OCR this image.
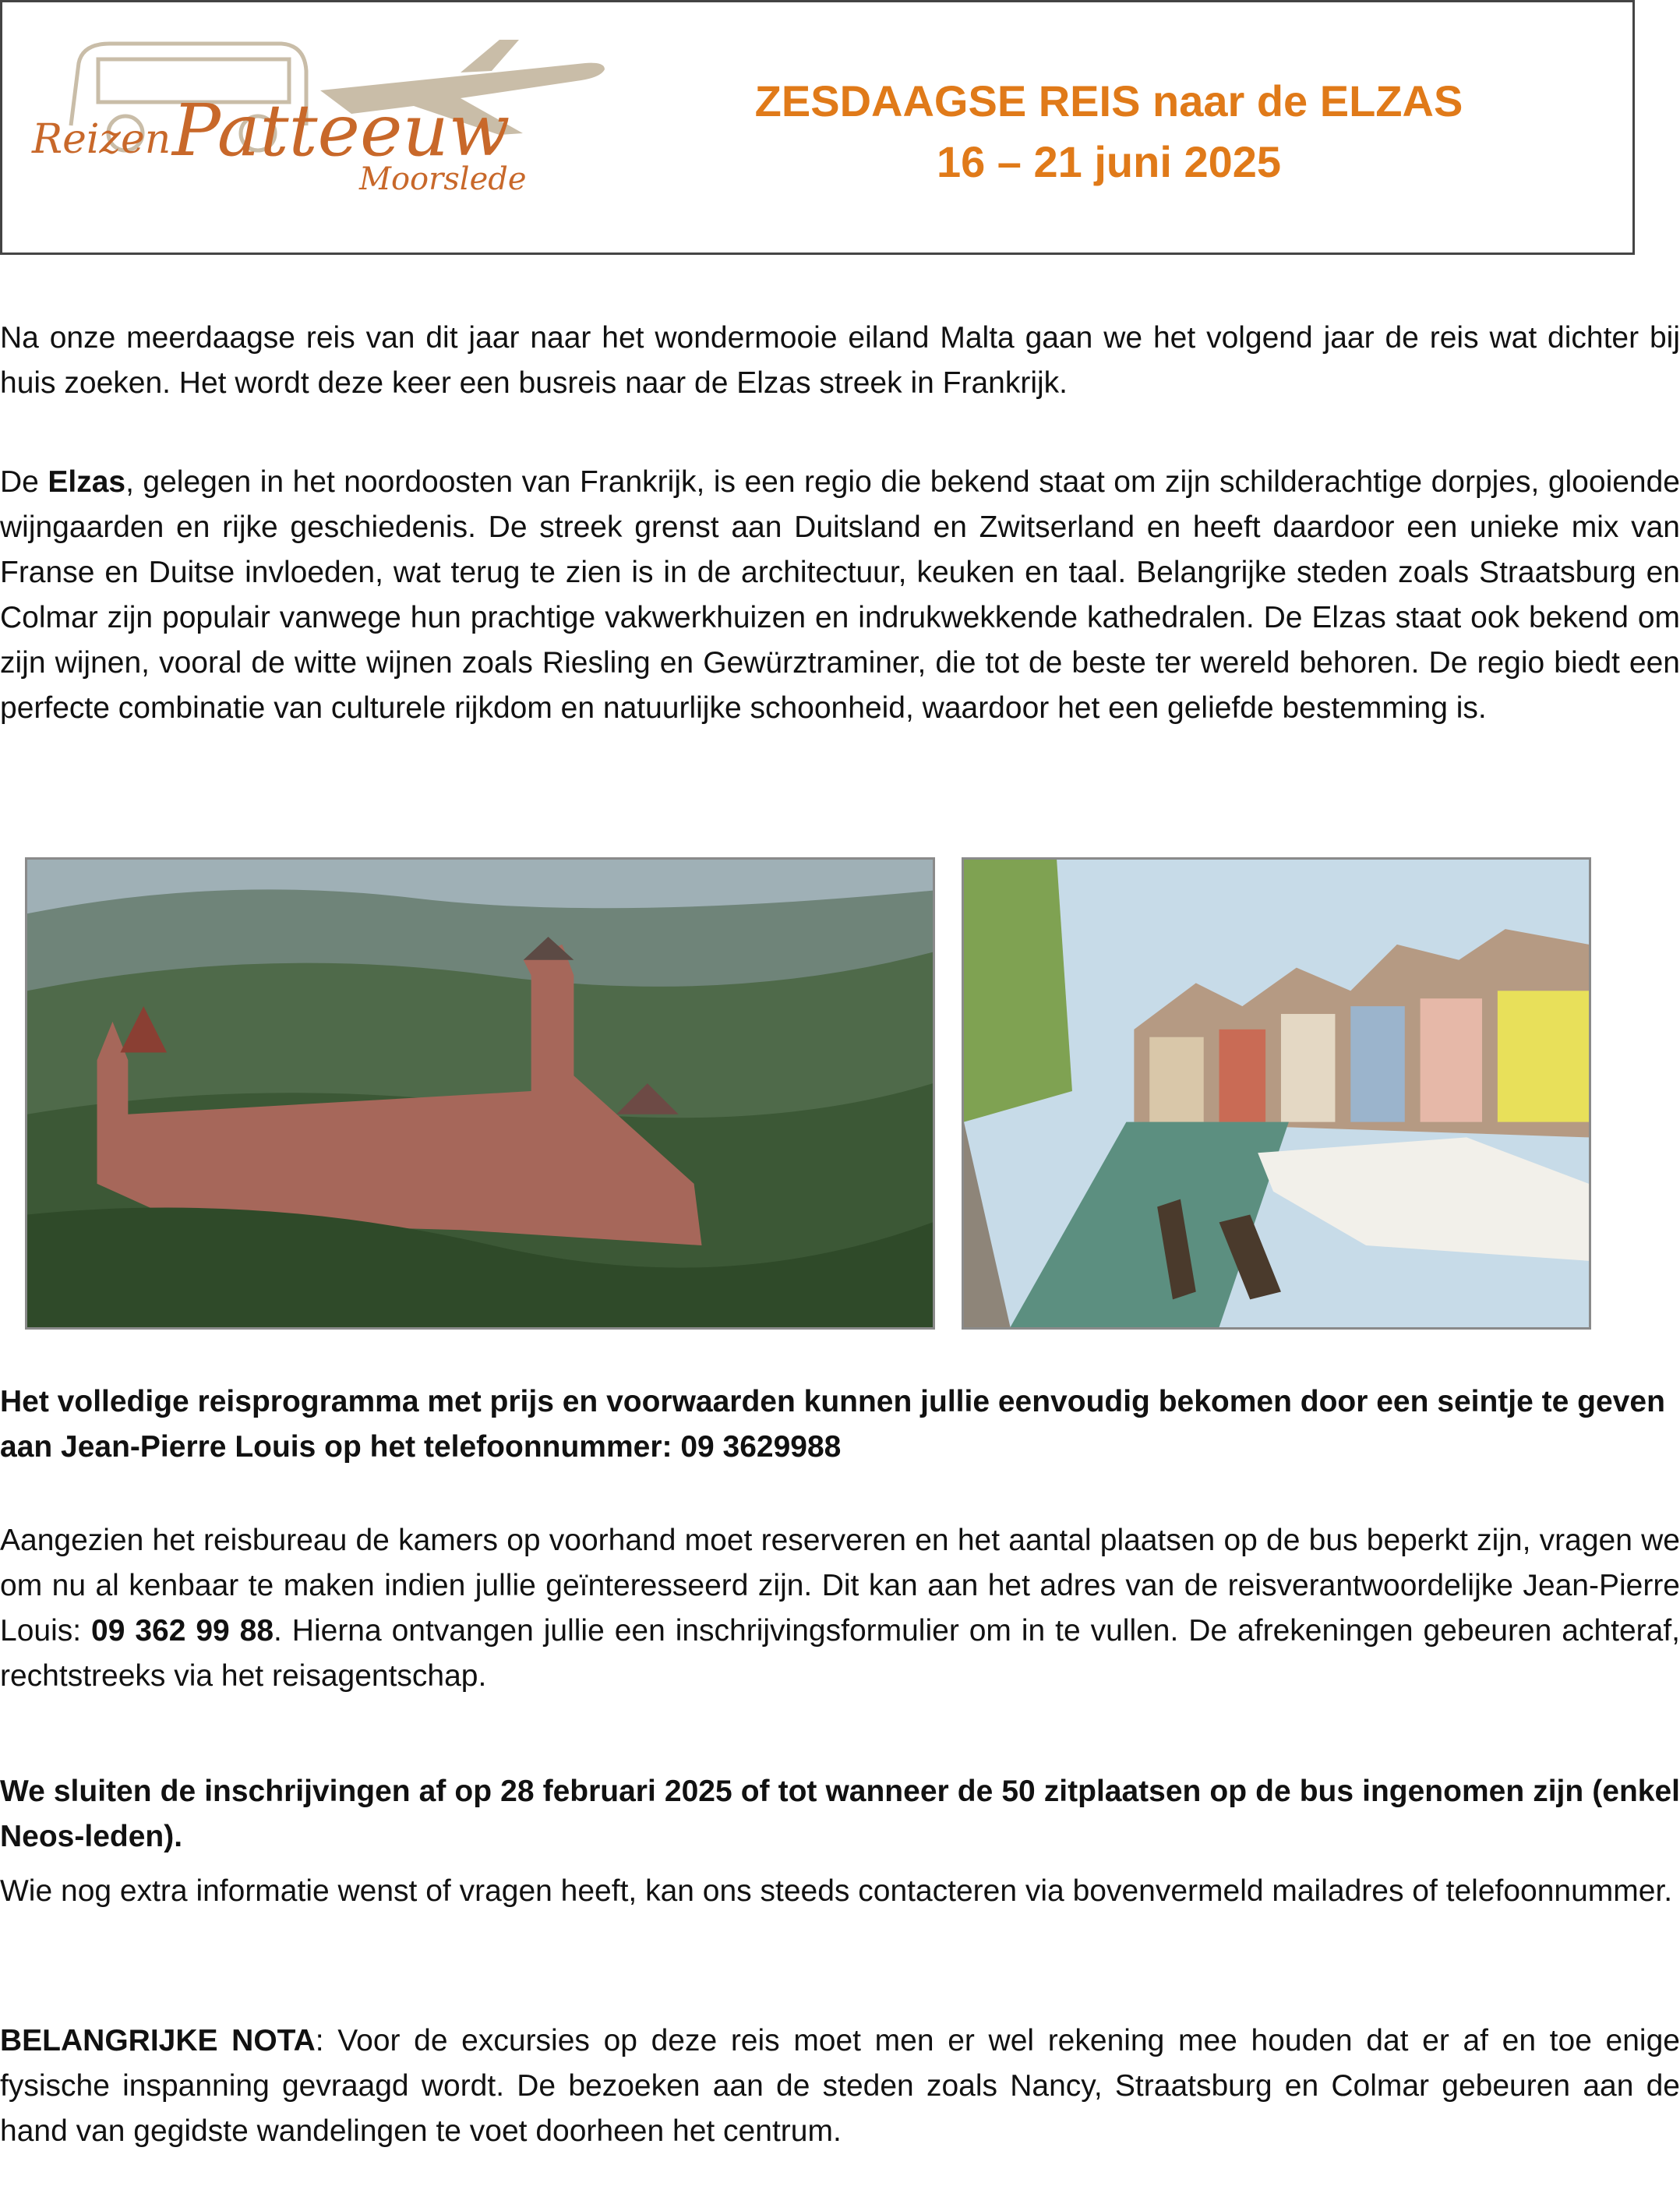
Reizen Patteeuw
Moorslede
ZESDAAGSE REIS naar de ELZAS
16 – 21 juni 2025
Na onze meerdaagse reis van dit jaar naar het wondermooie eiland Malta gaan we het volgend jaar de reis wat dichter bij huis zoeken. Het wordt deze keer een busreis naar de Elzas streek in Frankrijk.
De Elzas, gelegen in het noordoosten van Frankrijk, is een regio die bekend staat om zijn schilderachtige dorpjes, glooiende wijngaarden en rijke geschiedenis. De streek grenst aan Duitsland en Zwitserland en heeft daardoor een unieke mix van Franse en Duitse invloeden, wat terug te zien is in de architectuur, keuken en taal. Belangrijke steden zoals Straatsburg en Colmar zijn populair vanwege hun prachtige vakwerkhuizen en indrukwekkende kathedralen. De Elzas staat ook bekend om zijn wijnen, vooral de witte wijnen zoals Riesling en Gewürztraminer, die tot de beste ter wereld behoren. De regio biedt een perfecte combinatie van culturele rijkdom en natuurlijke schoonheid, waardoor het een geliefde bestemming is.
Het volledige reisprogramma met prijs en voorwaarden kunnen jullie eenvoudig bekomen door een seintje te geven aan Jean-Pierre Louis op het telefoonnummer: 09 3629988
Aangezien het reisbureau de kamers op voorhand moet reserveren en het aantal plaatsen op de bus beperkt zijn, vragen we om nu al kenbaar te maken indien jullie geïnteresseerd zijn. Dit kan aan het adres van de reisverantwoordelijke Jean-Pierre Louis: 09 362 99 88. Hierna ontvangen jullie een inschrijvingsformulier om in te vullen. De afrekeningen gebeuren achteraf, rechtstreeks via het reisagentschap.
We sluiten de inschrijvingen af op 28 februari 2025 of tot wanneer de 50 zitplaatsen op de bus ingenomen zijn (enkel Neos-leden).
Wie nog extra informatie wenst of vragen heeft, kan ons steeds contacteren via bovenvermeld mailadres of telefoonnummer.
BELANGRIJKE NOTA: Voor de excursies op deze reis moet men er wel rekening mee houden dat er af en toe enige fysische inspanning gevraagd wordt. De bezoeken aan de steden zoals Nancy, Straatsburg en Colmar gebeuren aan de hand van gegidste wandelingen te voet doorheen het centrum.
